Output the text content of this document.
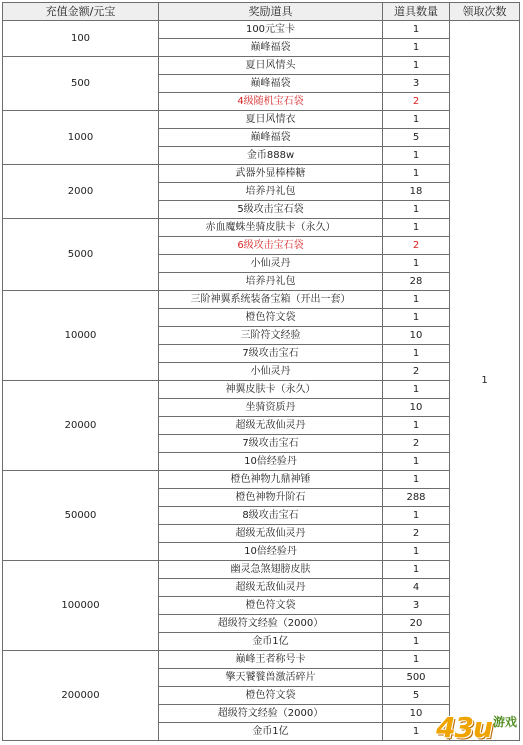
充值金额/元宝	奖励道具	道具数量	领取次数
100	100元宝卡	1	1
	巅峰福袋	1	
500	夏日风情头	1	
	巅峰福袋	3	
	4级随机宝石袋	2	
1000	夏日风情衣	1	
	巅峰福袋	5	
	金币888w	1	
2000	武器外显棒棒糖	1	
	培养丹礼包	18	
	5级攻击宝石袋	1	
5000	赤血魔蛛坐骑皮肤卡（永久）	1	
	6级攻击宝石袋	2	
	小仙灵丹	1	
	培养丹礼包	28	
10000	三阶神翼系统装备宝箱（开出一套）	1	
	橙色符文袋	1	
	三阶符文经验	10	
	7级攻击宝石	1	
	小仙灵丹	2	
20000	神翼皮肤卡（永久）	1	
	坐骑资质丹	10	
	超级无敌仙灵丹	1	
	7级攻击宝石	2	
	10倍经验丹	1	
50000	橙色神物九鼎神锤	1	
	橙色神物升阶石	288	
	8级攻击宝石	1	
	超级无敌仙灵丹	2	
	10倍经验丹	1	
100000	幽灵急煞翅膀皮肤	1	
	超级无敌仙灵丹	4	
	橙色符文袋	3	
	超级符文经验（2000）	20	
	金币1亿	1	
200000	巅峰王者称号卡	1	
	擎天饕餮兽激活碎片	500	
	橙色符文袋	5	
	超级符文经验（2000）	10	
	金币1亿	1	43u 游戏
